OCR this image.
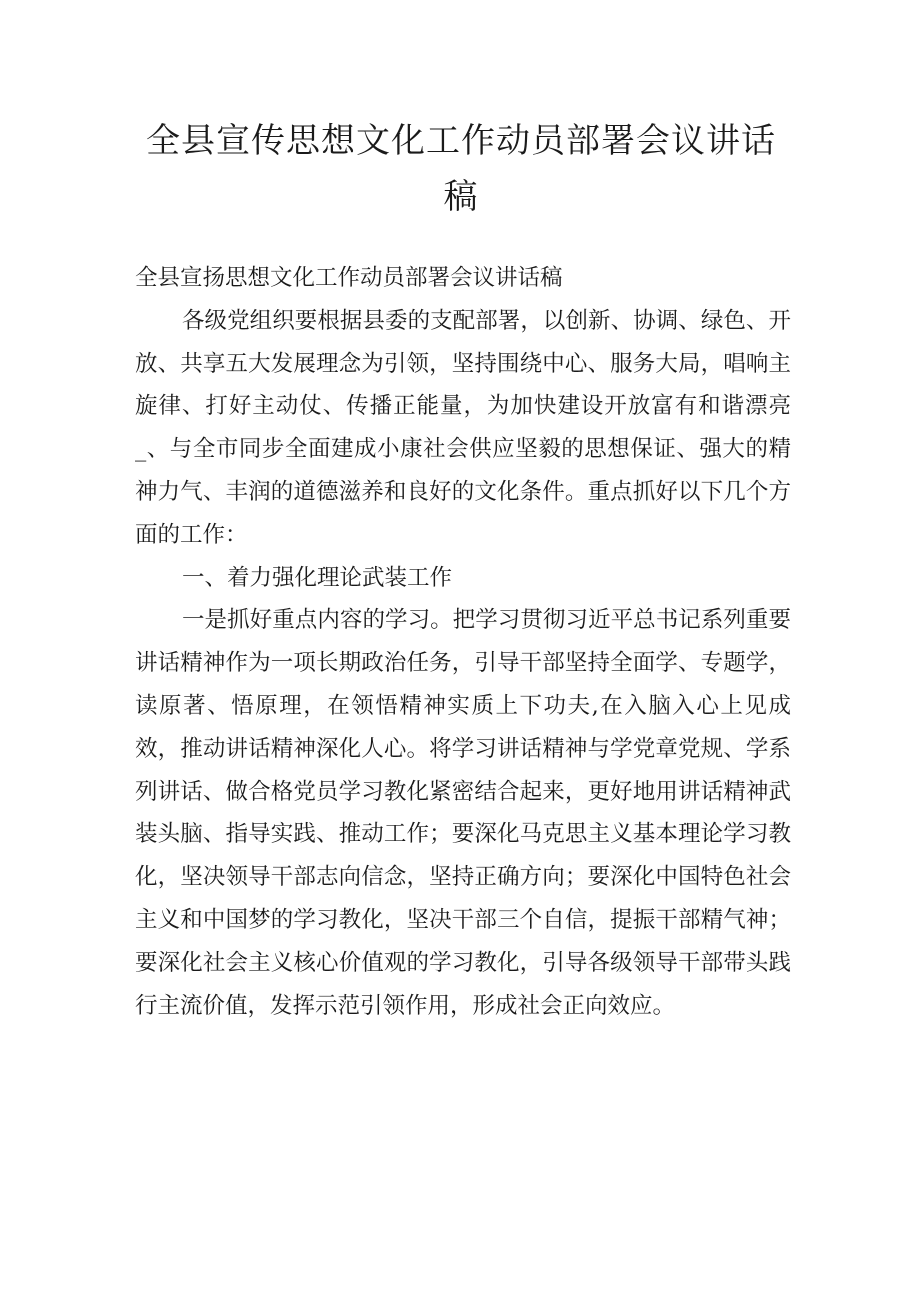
全县宣传思想文化工作动员部署会议讲话稿

全县宣扬思想文化工作动员部署会议讲话稿

各级党组织要根据县委的支配部署，以创新、协调、绿色、开放、共享五大发展理念为引领，坚持围绕中心、服务大局，唱响主旋律、打好主动仗、传播正能量，为加快建设开放富有和谐漂亮_、与全市同步全面建成小康社会供应坚毅的思想保证、强大的精神力气、丰润的道德滋养和良好的文化条件。重点抓好以下几个方面的工作：

一、着力强化理论武装工作

一是抓好重点内容的学习。把学习贯彻习近平总书记系列重要讲话精神作为一项长期政治任务，引导干部坚持全面学、专题学，读原著、悟原理，在领悟精神实质上下功夫,在入脑入心上见成效，推动讲话精神深化人心。将学习讲话精神与学党章党规、学系列讲话、做合格党员学习教化紧密结合起来，更好地用讲话精神武装头脑、指导实践、推动工作；要深化马克思主义基本理论学习教化，坚决领导干部志向信念，坚持正确方向；要深化中国特色社会主义和中国梦的学习教化，坚决干部三个自信，提振干部精气神；要深化社会主义核心价值观的学习教化，引导各级领导干部带头践行主流价值，发挥示范引领作用，形成社会正向效应。
